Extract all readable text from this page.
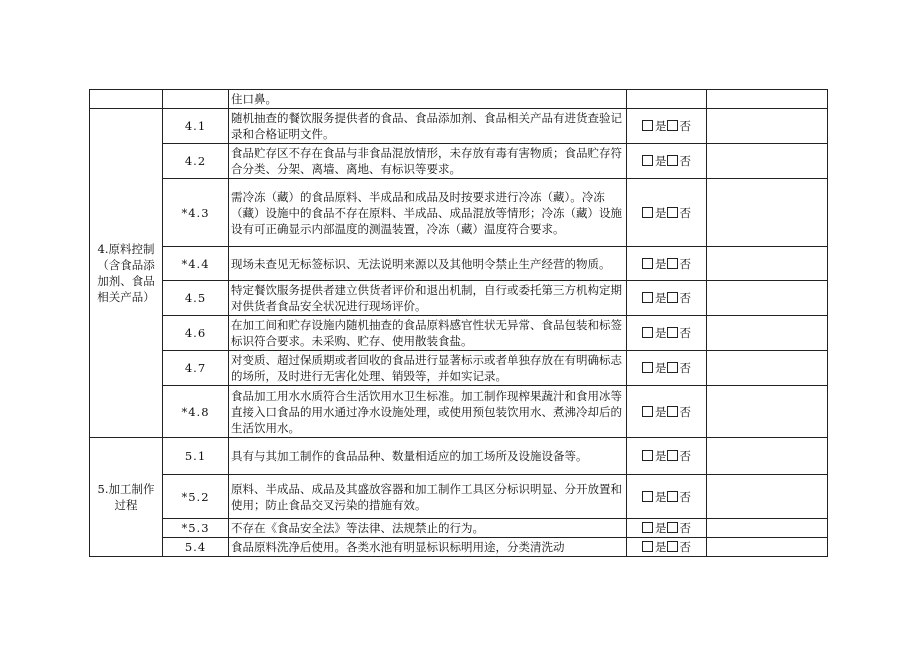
		住口鼻。		
4.原料控制
（含食品添
加剂、食品
相关产品）	4.1	随机抽查的餐饮服务提供者的食品、食品添加剂、食品相关产品有进货查验记录和合格证明文件。	是 否	
	4.2	食品贮存区不存在食品与非食品混放情形，未存放有毒有害物质；食品贮存符合分类、分架、离墙、离地、有标识等要求。	是 否	
	*4.3	需冷冻（藏）的食品原料、半成品和成品及时按要求进行冷冻（藏）。冷冻（藏）设施中的食品不存在原料、半成品、成品混放等情形；冷冻（藏）设施设有可正确显示内部温度的测温装置，冷冻（藏）温度符合要求。	是 否	
	*4.4	现场未查见无标签标识、无法说明来源以及其他明令禁止生产经营的物质。	是 否	
	4.5	特定餐饮服务提供者建立供货者评价和退出机制，自行或委托第三方机构定期对供货者食品安全状况进行现场评价。	是 否	
	4.6	在加工间和贮存设施内随机抽查的食品原料感官性状无异常、食品包装和标签标识符合要求。未采购、贮存、使用散装食盐。	是 否	
	4.7	对变质、超过保质期或者回收的食品进行显著标示或者单独存放在有明确标志的场所，及时进行无害化处理、销毁等，并如实记录。	是 否	
	*4.8	食品加工用水水质符合生活饮用水卫生标准。加工制作现榨果蔬汁和食用冰等直接入口食品的用水通过净水设施处理，或使用预包装饮用水、煮沸冷却后的生活饮用水。	是 否	
5.加工制作
过程	5.1	具有与其加工制作的食品品种、数量相适应的加工场所及设施设备等。	是 否	
	*5.2	原料、半成品、成品及其盛放容器和加工制作工具区分标识明显、分开放置和使用；防止食品交叉污染的措施有效。	是 否	
	*5.3	不存在《食品安全法》等法律、法规禁止的行为。	是 否	
	5.4	食品原料洗净后使用。各类水池有明显标识标明用途，分类清洗动	是 否	
